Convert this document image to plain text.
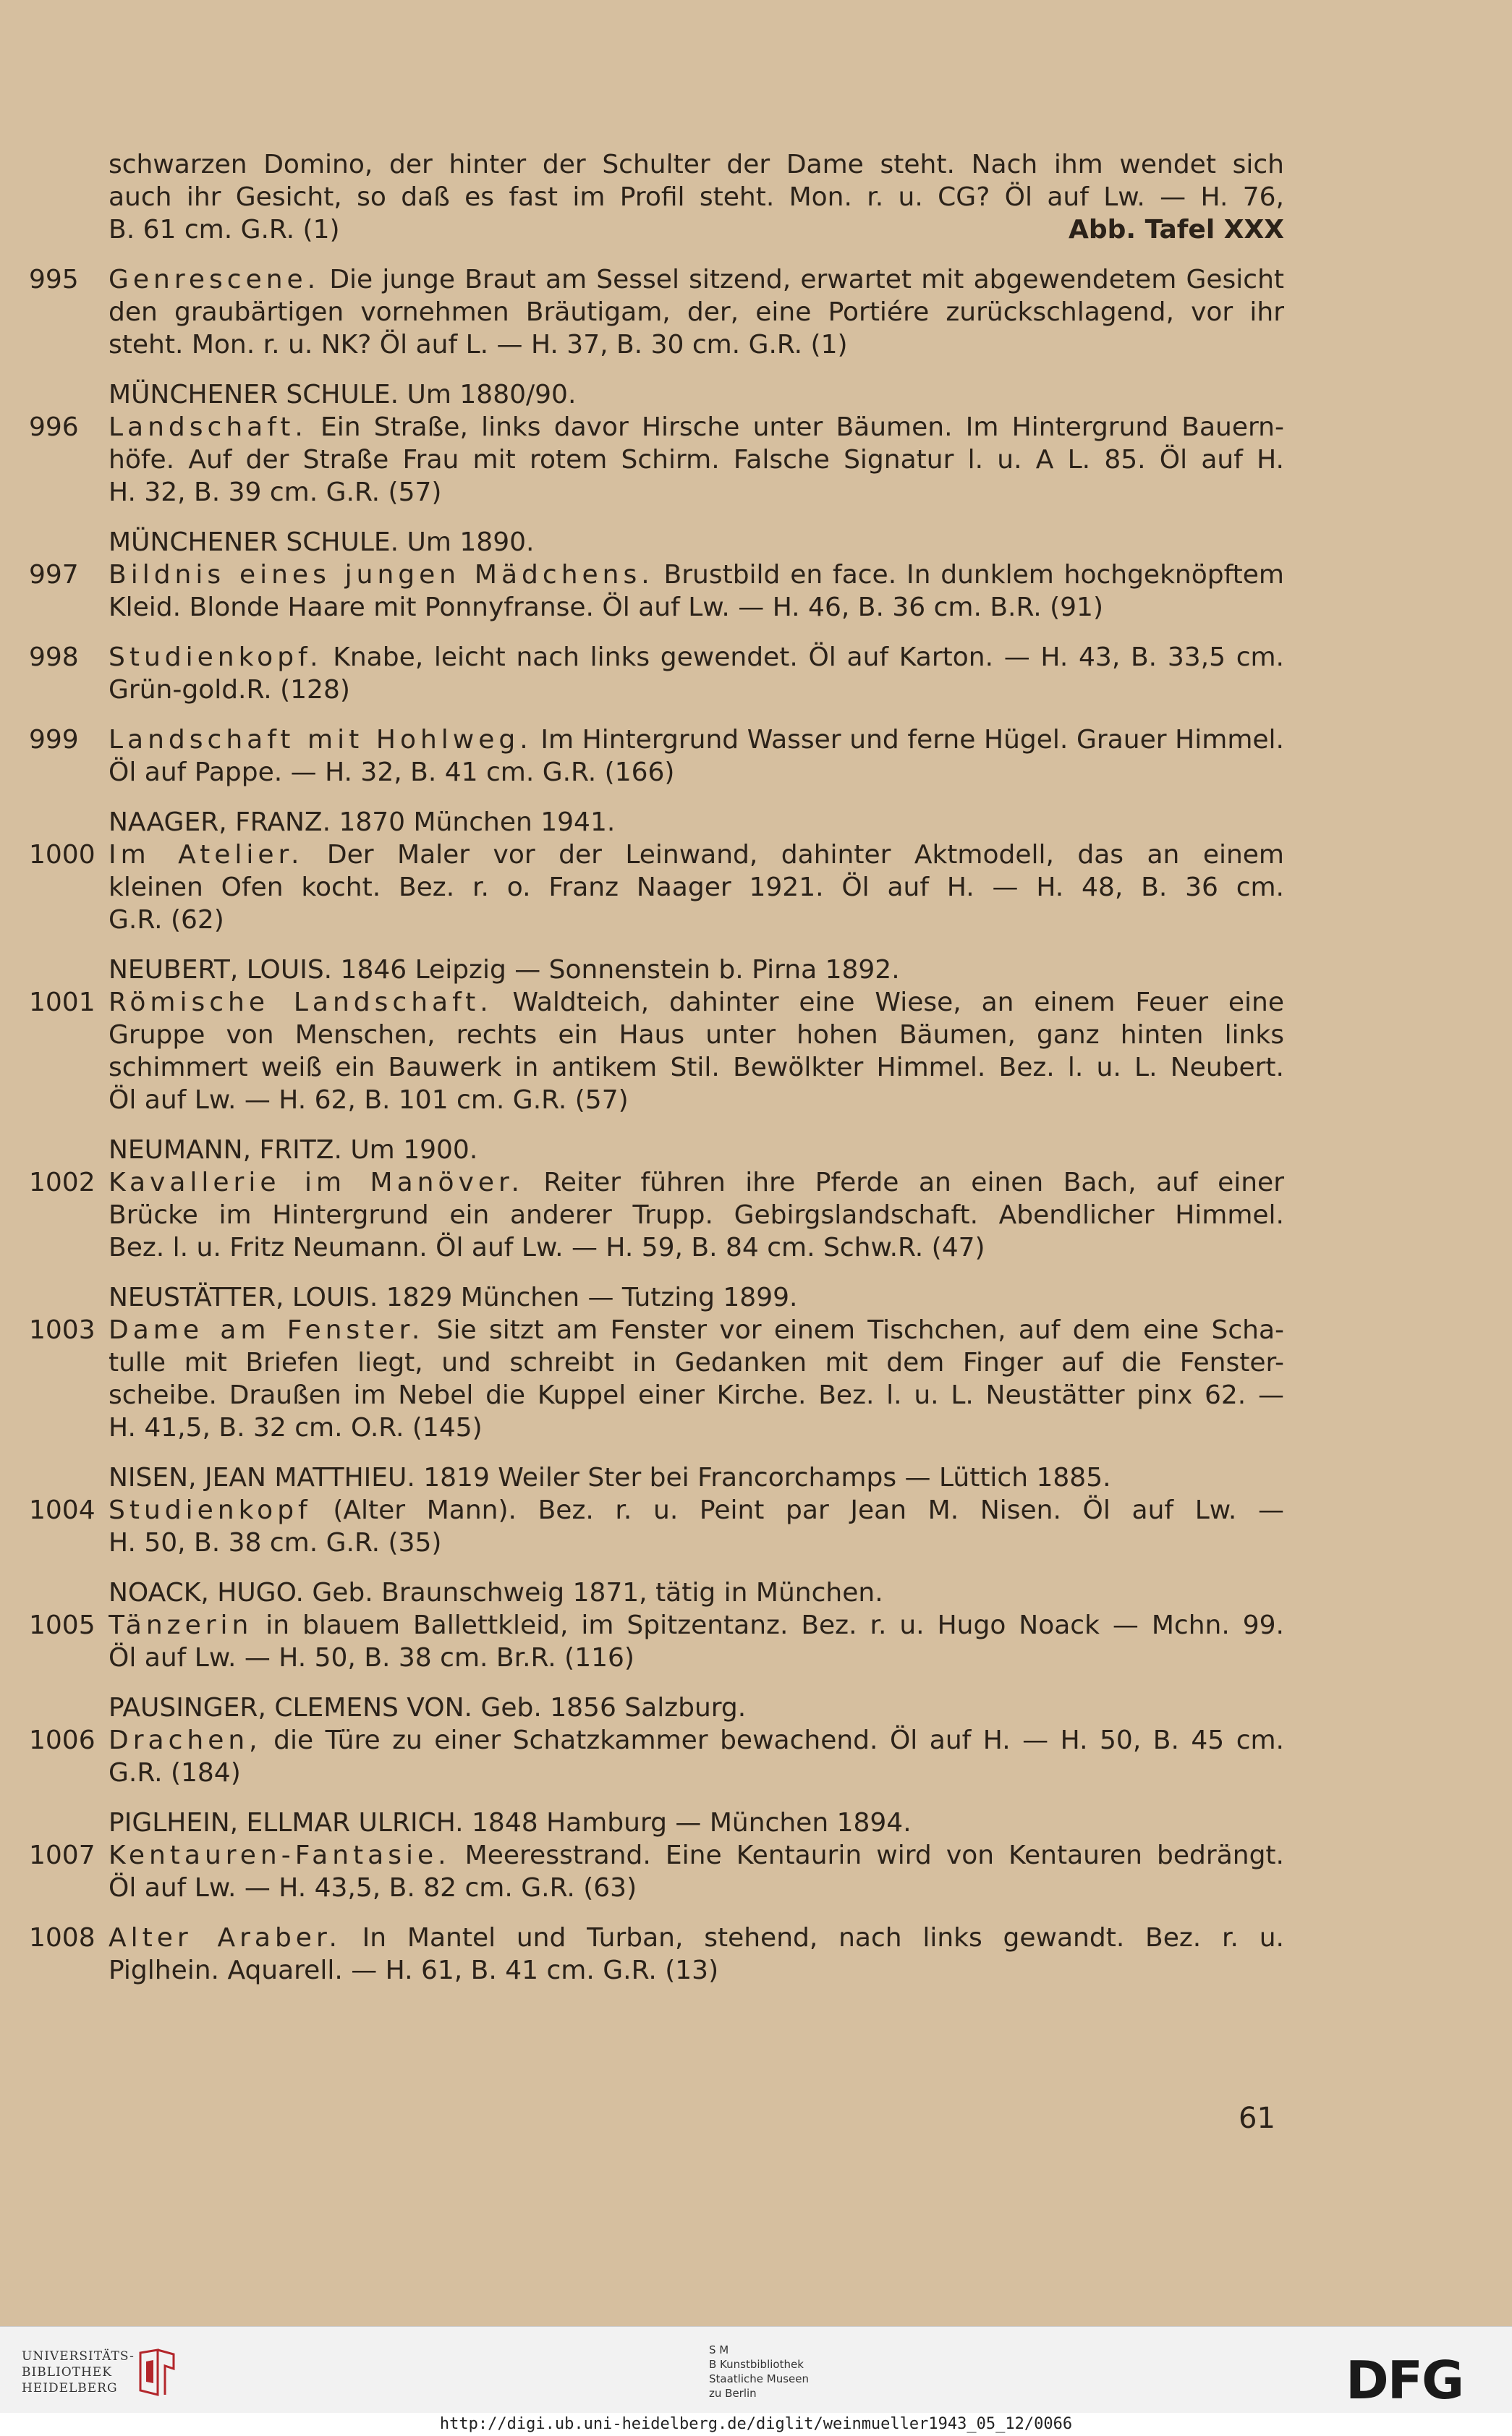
schwarzen Domino, der hinter der Schulter der Dame steht. Nach ihm wendet sich
auch ihr Gesicht, so daß es fast im Profil steht. Mon. r. u. CG? Öl auf Lw. — H. 76,
B. 61 cm. G.R. (1)	Abb. Tafel XXX
995	Genrescene. Die junge Braut am Sessel sitzend, erwartet mit abgewendetem Gesicht
den graubärtigen vornehmen Bräutigam, der, eine Portiére zurückschlagend, vor ihr
steht. Mon. r. u. NK? Öl auf L. — H. 37, B. 30 cm. G.R. (1)
MÜNCHENER SCHULE. Um 1880/90.
996	Landschaft. Ein Straße, links davor Hirsche unter Bäumen. Im Hintergrund Bauern-
höfe. Auf der Straße Frau mit rotem Schirm. Falsche Signatur l. u. A L. 85. Öl auf H.
H. 32, B. 39 cm. G.R. (57)
MÜNCHENER SCHULE. Um 1890.
997	Bildnis eines jungen Mädchens. Brustbild en face. In dunklem hochgeknöpftem
Kleid. Blonde Haare mit Ponnyfranse. Öl auf Lw. — H. 46, B. 36 cm. B.R. (91)
998	Studienkopf. Knabe, leicht nach links gewendet. Öl auf Karton. — H. 43, B. 33,5 cm.
Grün-gold.R. (128)
999	Landschaft mit Hohlweg. Im Hintergrund Wasser und ferne Hügel. Grauer Himmel.
Öl auf Pappe. — H. 32, B. 41 cm. G.R. (166)
NAAGER, FRANZ. 1870 München 1941.
1000 Im Atelier. Der Maler vor der Leinwand, dahinter Aktmodell, das an einem
kleinen Ofen kocht. Bez. r. o. Franz Naager 1921. Öl auf H. — H. 48, B. 36 cm.
G.R. (62)
NEUBERT, LOUIS. 1846 Leipzig — Sonnenstein b. Pirna 1892.
1001 Römische Landschaft. Waldteich, dahinter eine Wiese, an einem Feuer eine
Gruppe von Menschen, rechts ein Haus unter hohen Bäumen, ganz hinten links
schimmert weiß ein Bauwerk in antikem Stil. Bewölkter Himmel. Bez. l. u. L. Neubert.
Öl auf Lw. — H. 62, B. 101 cm. G.R. (57)
NEUMANN, FRITZ. Um 1900.
1002 Kavallerie im Manöver. Reiter führen ihre Pferde an einen Bach, auf einer
Brücke im Hintergrund ein anderer Trupp. Gebirgslandschaft. Abendlicher Himmel.
Bez. l. u. Fritz Neumann. Öl auf Lw. — H. 59, B. 84 cm. Schw.R. (47)
NEUSTÄTTER, LOUIS. 1829 München — Tutzing 1899.
1003 Dame am Fenster. Sie sitzt am Fenster vor einem Tischchen, auf dem eine Scha-
tulle mit Briefen liegt, und schreibt in Gedanken mit dem Finger auf die Fenster-
scheibe. Draußen im Nebel die Kuppel einer Kirche. Bez. l. u. L. Neustätter pinx 62. —
H. 41,5, B. 32 cm. O.R. (145)
NISEN, JEAN MATTHIEU. 1819 Weiler Ster bei Francorchamps — Lüttich 1885.
1004 Studienkopf (Alter Mann). Bez. r. u. Peint par Jean M. Nisen. Öl auf Lw. —
H. 50, B. 38 cm. G.R. (35)
NOACK, HUGO. Geb. Braunschweig 1871, tätig in München.
1005 Tänzerin in blauem Ballettkleid, im Spitzentanz. Bez. r. u. Hugo Noack — Mchn. 99.
Öl auf Lw. — H. 50, B. 38 cm. Br.R. (116)
PAUSINGER, CLEMENS VON. Geb. 1856 Salzburg.
1006 Drachen, die Türe zu einer Schatzkammer bewachend. Öl auf H. — H. 50, B. 45 cm.
G.R. (184)
PIGLHEIN, ELLMAR ULRICH. 1848 Hamburg — München 1894.
1007 Kentauren-Fantasie. Meeresstrand. Eine Kentaurin wird von Kentauren bedrängt.
Öl auf Lw. — H. 43,5, B. 82 cm. G.R. (63)
1008 Alter Araber. In Mantel und Turban, stehend, nach links gewandt. Bez. r. u.
Piglhein. Aquarell. — H. 61, B. 41 cm. G.R. (13)
61
UNIVERSITÄTS-
BIBLIOTHEK
HEIDELBERG
S M
B Kunstbibliothek
Staatliche Museen
zu Berlin	DFG
http://digi.ub.uni-heidelberg.de/diglit/weinmueller1943_05_12/0066
